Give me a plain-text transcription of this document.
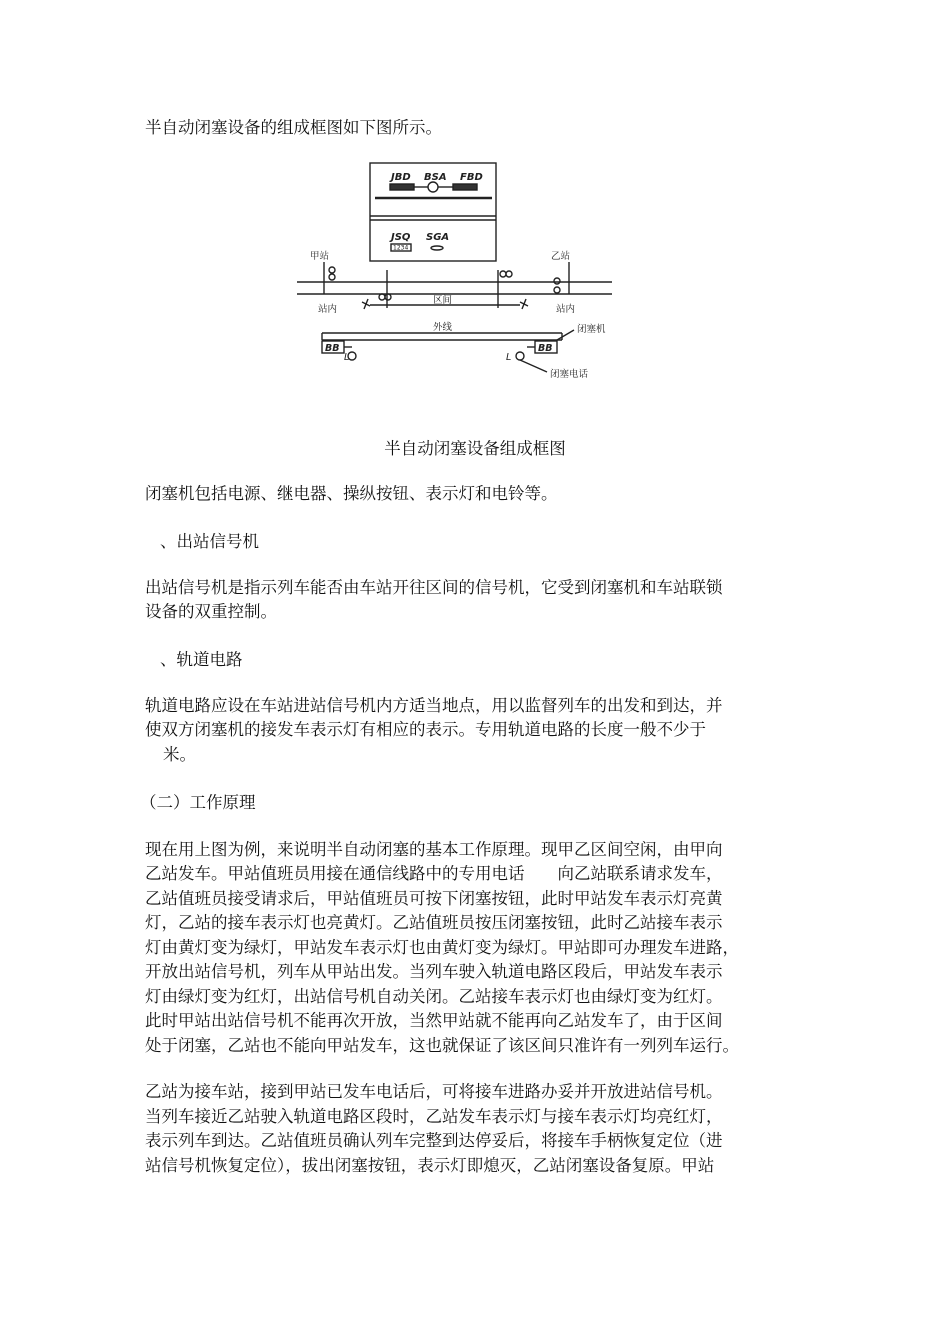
半自动闭塞设备的组成框图如下图所示。

JBD BSA FBD
JSQ SGA
1234
甲站	乙站
站内	站内
区间
外线
BB	BB
L	L
闭塞机
闭塞电话
半自动闭塞设备组成框图

闭塞机包括电源、继电器、操纵按钮、表示灯和电铃等。

、出站信号机

出站信号机是指示列车能否由车站开往区间的信号机，它受到闭塞机和车站联锁

设备的双重控制。

、轨道电路

轨道电路应设在车站进站信号机内方适当地点，用以监督列车的出发和到达，并

使双方闭塞机的接发车表示灯有相应的表示。专用轨道电路的长度一般不少于

米。

（二）工作原理

现在用上图为例，来说明半自动闭塞的基本工作原理。现甲乙区间空闲，由甲向

乙站发车。甲站值班员用接在通信线路中的专用电话　　向乙站联系请求发车，

乙站值班员接受请求后，甲站值班员可按下闭塞按钮，此时甲站发车表示灯亮黄

灯，乙站的接车表示灯也亮黄灯。乙站值班员按压闭塞按钮，此时乙站接车表示

灯由黄灯变为绿灯，甲站发车表示灯也由黄灯变为绿灯。甲站即可办理发车进路，

开放出站信号机，列车从甲站出发。当列车驶入轨道电路区段后，甲站发车表示

灯由绿灯变为红灯，出站信号机自动关闭。乙站接车表示灯也由绿灯变为红灯。

此时甲站出站信号机不能再次开放，当然甲站就不能再向乙站发车了，由于区间

处于闭塞，乙站也不能向甲站发车，这也就保证了该区间只准许有一列列车运行。

乙站为接车站，接到甲站已发车电话后，可将接车进路办妥并开放进站信号机。

当列车接近乙站驶入轨道电路区段时，乙站发车表示灯与接车表示灯均亮红灯，

表示列车到达。乙站值班员确认列车完整到达停妥后，将接车手柄恢复定位（进

站信号机恢复定位），拔出闭塞按钮，表示灯即熄灭，乙站闭塞设备复原。甲站
